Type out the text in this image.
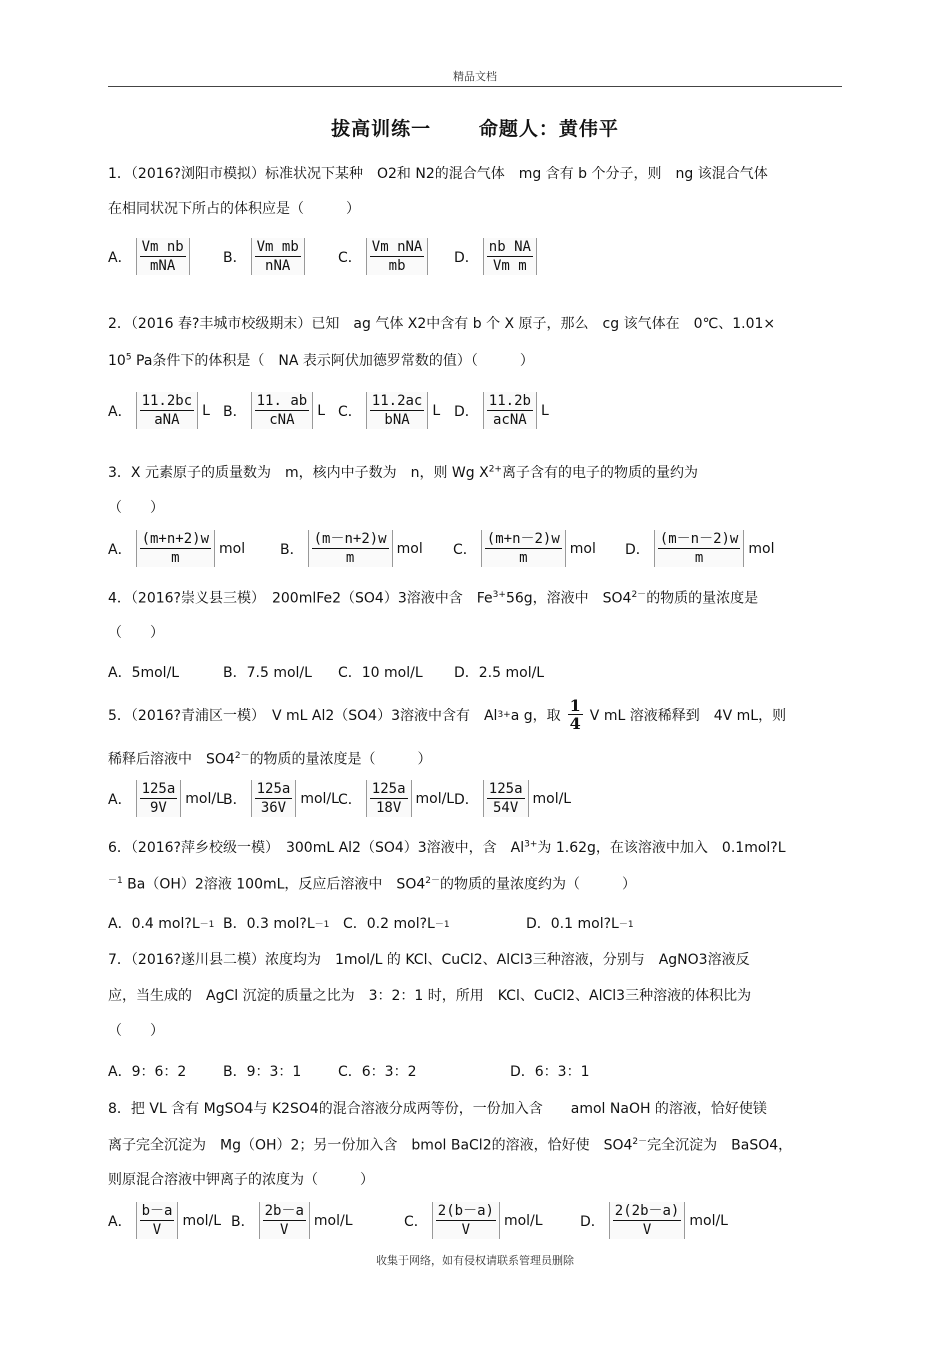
精品文档
拔高训练一	命题人：黄伟平
1．（2016?浏阳市模拟）标准状况下某种　O2和 N2的混合气体　mg 含有 b 个分子，则　ng 该混合气体
在相同状况下所占的体积应是（　　　）
A． $\frac{\text{Vm nb}}{\text{mNA}}$ B． $\frac{\text{Vm mb}}{\text{nNA}}$ C． $\frac{\text{Vm nNA}}{mb}$ D． $\frac{\text{nb NA}}{\text{Vm m}}$
2．（2016 春?丰城市校级期末）已知　ag 气体 X2中含有 b 个 X 原子，那么　cg 该气体在　0℃、1.01×
$10^5$ Pa条件下的体积是（　NA 表示阿伏加德罗常数的值）（　　　）
A． $\frac{11.2bc}{\text{aNA}}$ L B． $\frac{11. ab}{\text{cNA}}$ L C． $\frac{11.2ac}{\text{bNA}}$ L D． $\frac{11.2b}{\text{acNA}}$ L
3．X 元素原子的质量数为　m，核内中子数为　n，则 Wg $X^{2+}$离子含有的电子的物质的量约为
（　　）
A． $\frac{(m+n+2)w}{m}$ mol B． $\frac{(m-n+2)w}{m}$ mol C． $\frac{(m+n-2)w}{m}$ mol D． $\frac{(m-n-2)w}{m}$ mol
4．（2016?崇义县三模）　200mlFe2（SO4）3溶液中含　$Fe^{3+}56g$，溶液中　$SO4^{2-}$的物质的量浓度是
（　　）
A．5mol/L	B．7.5 mol/L C．10 mol/L D．2.5 mol/L
5．（2016?青浦区一模）　V mL Al2（SO4）3溶液中含有　Al 3+ a g，取 $\frac{1}{4}$ V mL 溶液稀释到　4V mL，则
稀释后溶液中　$SO4^{2-}$的物质的量浓度是（　　　）
A． $\frac{125a}{9V} mol/L$ B． $\frac{125a}{36V} mol/L$ C． $\frac{125a}{18V} mol/L$ D． $\frac{125a}{54V} mol/L$
6．（2016?萍乡校级一模）　300mL Al2（SO4）3溶液中，含　$Al^{3+}$为 1.62g，在该溶液中加入　0.1mol?L
$^{-1}$ Ba（OH）2溶液 100mL，反应后溶液中　$SO4^{2-}$的物质的量浓度约为（　　　）
A．0.4 mol?L －1 B．0.3 mol?L －1 C．0.2 mol?L －1	D．0.1 mol?L －1
7．（2016?遂川县二模）浓度均为　1mol/L 的 KCl、CuCl2、AlCl3三种溶液，分别与　AgNO3溶液反
应，当生成的　AgCl 沉淀的质量之比为　3：2：1 时，所用　KCl、CuCl2、AlCl3三种溶液的体积比为
（　　）
A．9：6：2	B．9：3：1	C．6：3：2	D．6：3：1
8．把 VL 含有 MgSO4与 K2SO4的混合溶液分成两等份，一份加入含　　amol NaOH 的溶液，恰好使镁
离子完全沉淀为　Mg（OH）2；另一份加入含　bmol BaCl2的溶液，恰好使　$SO4^{2-}$完全沉淀为　BaSO4，
则原混合溶液中钾离子的浓度为（　　　）
A． $\frac{b-a}{V} mol/L$ B． $\frac{2b-a}{V} mol/L$	C． $\frac{2(b-a)}{V} mol/L$	D． $\frac{2(2b-a)}{V} mol/L$
收集于网络，如有侵权请联系管理员删除
